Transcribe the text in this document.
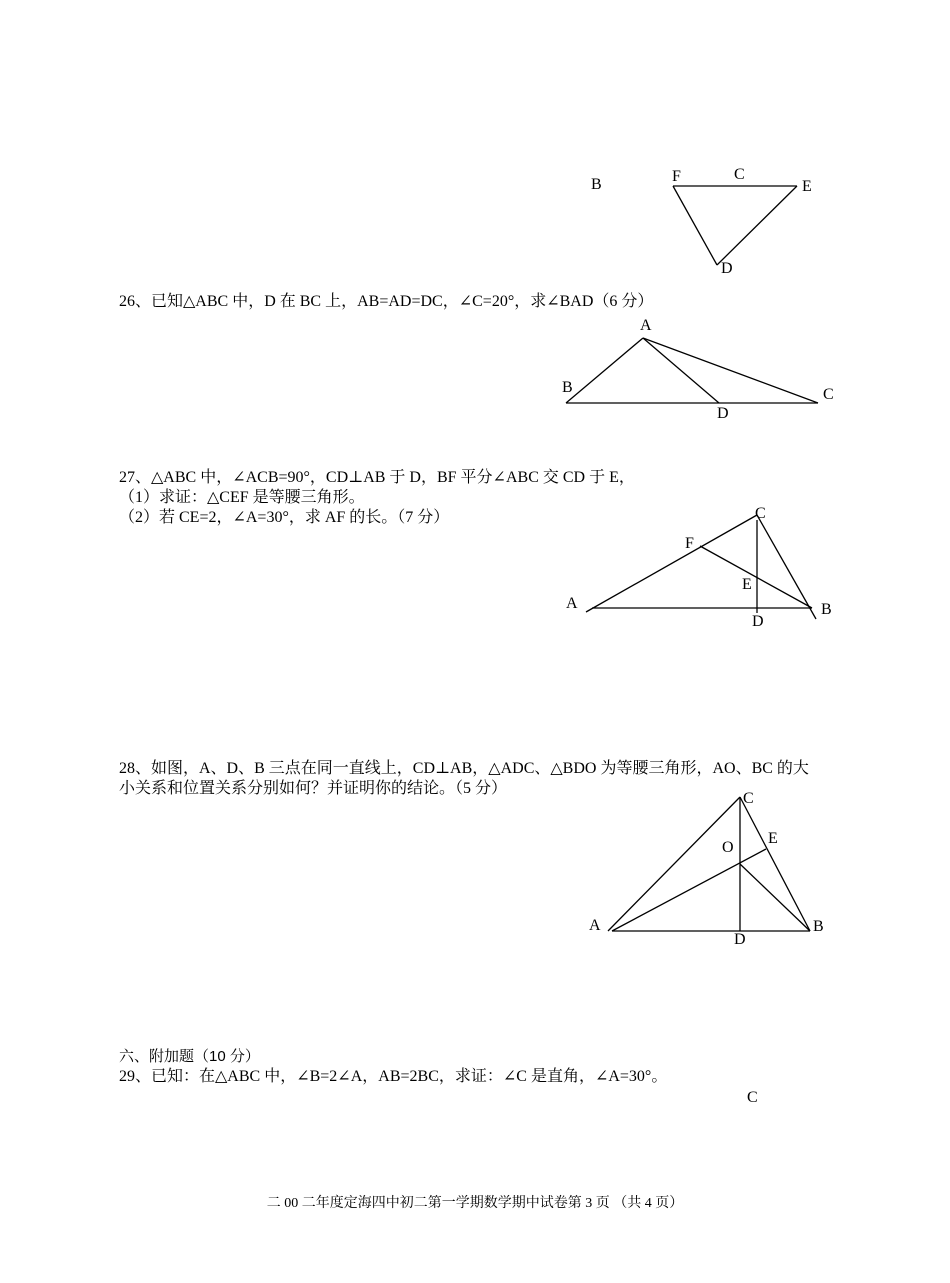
B	F	C
E
D
26、已知△ABC 中，D 在 BC 上，AB=AD=DC，∠C=20°，求∠BAD（6 分）
A
B	C
D
27、△ABC 中，∠ACB=90°，CD⊥AB 于 D，BF 平分∠ABC 交 CD 于 E，
（1）求证：△CEF 是等腰三角形。
（2）若 CE=2，∠A=30°，求 AF 的长。（7 分）	C
F
E
A	B
D
28、如图，A、D、B 三点在同一直线上，CD⊥AB，△ADC、△BDO 为等腰三角形，AO、BC 的大
小关系和位置关系分别如何？并证明你的结论。（5 分）
C
E
O
A
D
B
六、附加题（10 分）
29、已知：在△ABC 中，∠B=2∠A，AB=2BC，求证：∠C 是直角，∠A=30°。
C
二 00 二年度定海四中初二第一学期数学期中试卷第 3 页 （共 4 页）
